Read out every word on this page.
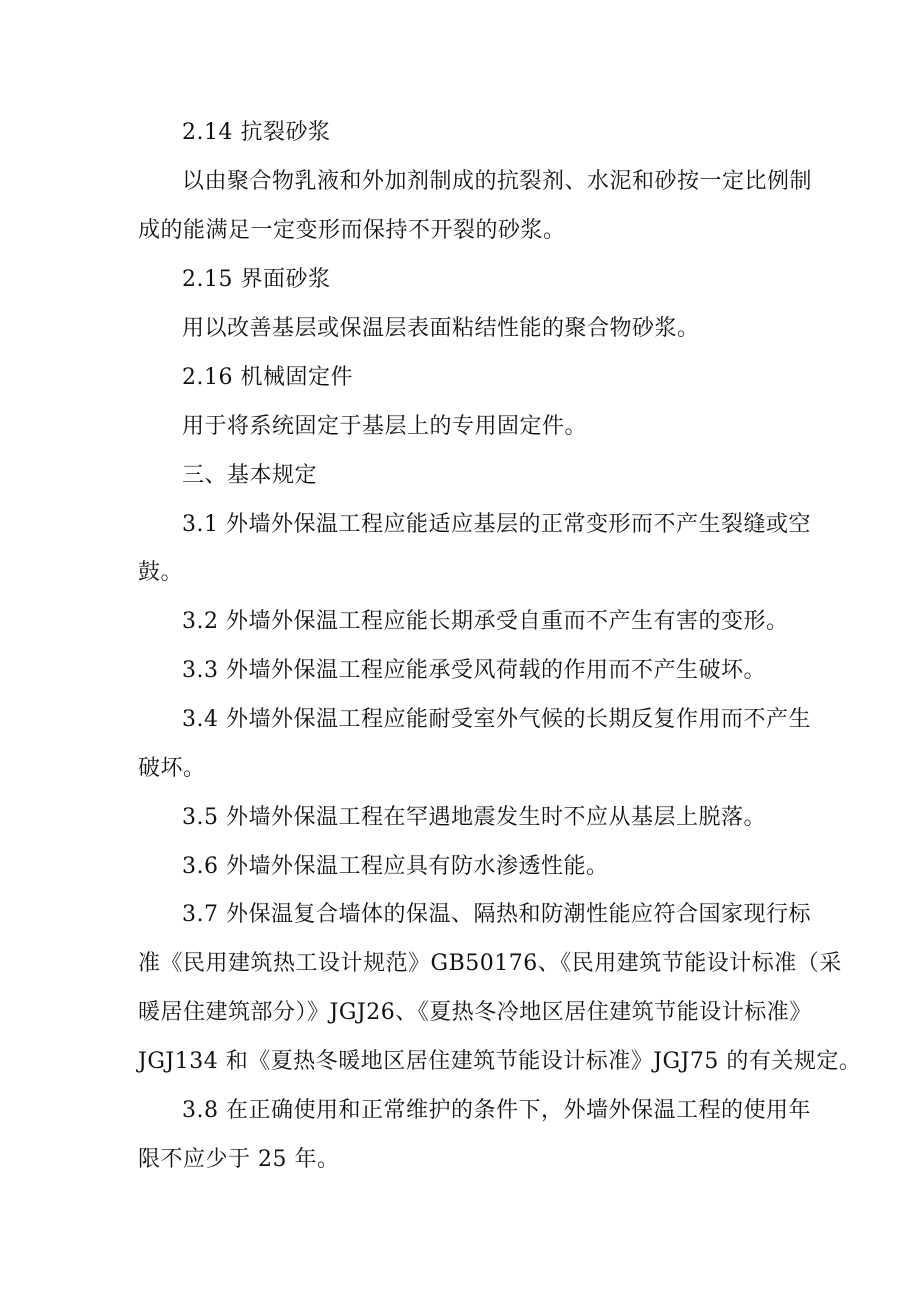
2.14 抗裂砂浆
以由聚合物乳液和外加剂制成的抗裂剂、水泥和砂按一定比例制
成的能满足一定变形而保持不开裂的砂浆。
2.15 界面砂浆
用以改善基层或保温层表面粘结性能的聚合物砂浆。
2.16 机械固定件
用于将系统固定于基层上的专用固定件。
三、基本规定
3.1 外墙外保温工程应能适应基层的正常变形而不产生裂缝或空
鼓。
3.2 外墙外保温工程应能长期承受自重而不产生有害的变形。
3.3 外墙外保温工程应能承受风荷载的作用而不产生破坏。
3.4 外墙外保温工程应能耐受室外气候的长期反复作用而不产生
破坏。
3.5 外墙外保温工程在罕遇地震发生时不应从基层上脱落。
3.6 外墙外保温工程应具有防水渗透性能。
3.7 外保温复合墙体的保温、隔热和防潮性能应符合国家现行标
准《民用建筑热工设计规范》GB50176、《民用建筑节能设计标准（采
暖居住建筑部分）》JGJ26、《夏热冬冷地区居住建筑节能设计标准》
JGJ134 和《夏热冬暖地区居住建筑节能设计标准》JGJ75 的有关规定。
3.8 在正确使用和正常维护的条件下，外墙外保温工程的使用年
限不应少于 25 年。
